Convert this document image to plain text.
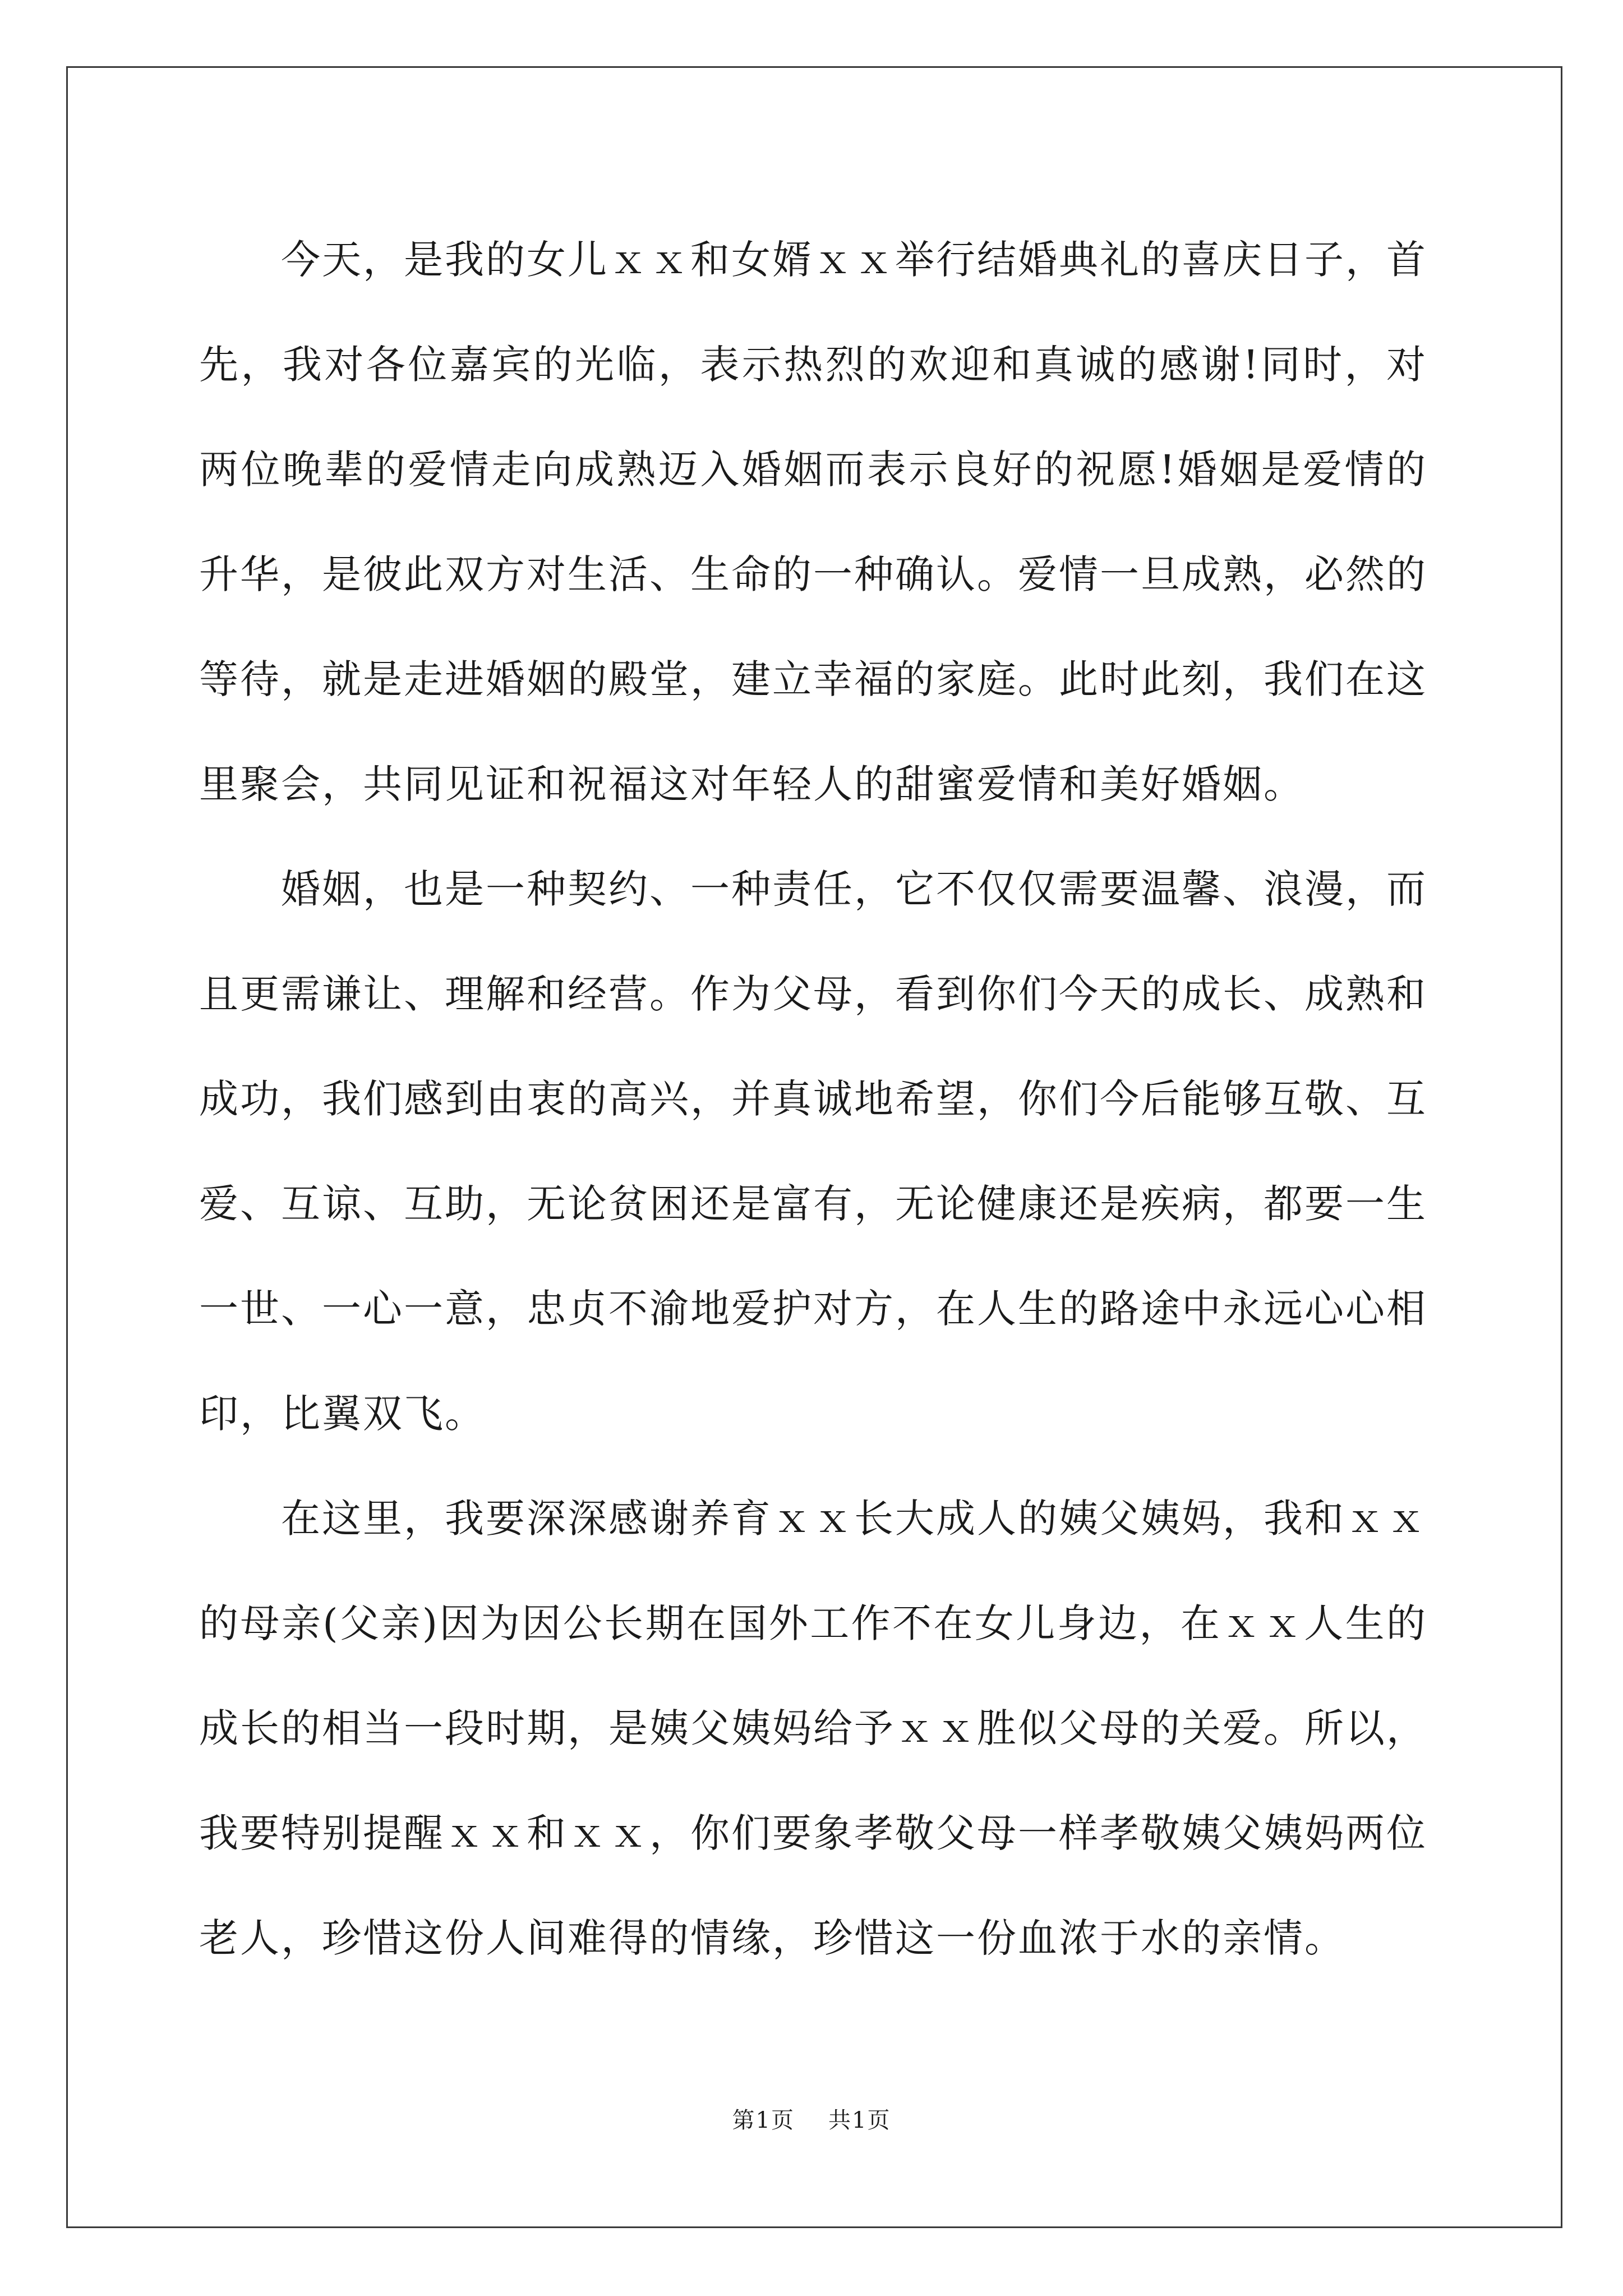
今天，是我的女儿ｘｘ和女婿ｘｘ举行结婚典礼的喜庆日子，首先，我对各位嘉宾的光临，表示热烈的欢迎和真诚的感谢!同时，对两位晚辈的爱情走向成熟迈入婚姻而表示良好的祝愿!婚姻是爱情的升华，是彼此双方对生活、生命的一种确认。爱情一旦成熟，必然的等待，就是走进婚姻的殿堂，建立幸福的家庭。此时此刻，我们在这里聚会，共同见证和祝福这对年轻人的甜蜜爱情和美好婚姻。

婚姻，也是一种契约、一种责任，它不仅仅需要温馨、浪漫，而且更需谦让、理解和经营。作为父母，看到你们今天的成长、成熟和成功，我们感到由衷的高兴，并真诚地希望，你们今后能够互敬、互爱、互谅、互助，无论贫困还是富有，无论健康还是疾病，都要一生一世、一心一意，忠贞不渝地爱护对方，在人生的路途中永远心心相印，比翼双飞。

在这里，我要深深感谢养育ｘｘ长大成人的姨父姨妈，我和ｘｘ的母亲(父亲)因为因公长期在国外工作不在女儿身边，在ｘｘ人生的成长的相当一段时期，是姨父姨妈给予ｘｘ胜似父母的关爱。所以，我要特别提醒ｘｘ和ｘｘ，你们要象孝敬父母一样孝敬姨父姨妈两位老人，珍惜这份人间难得的情缘，珍惜这一份血浓于水的亲情。

第1页 共1页
